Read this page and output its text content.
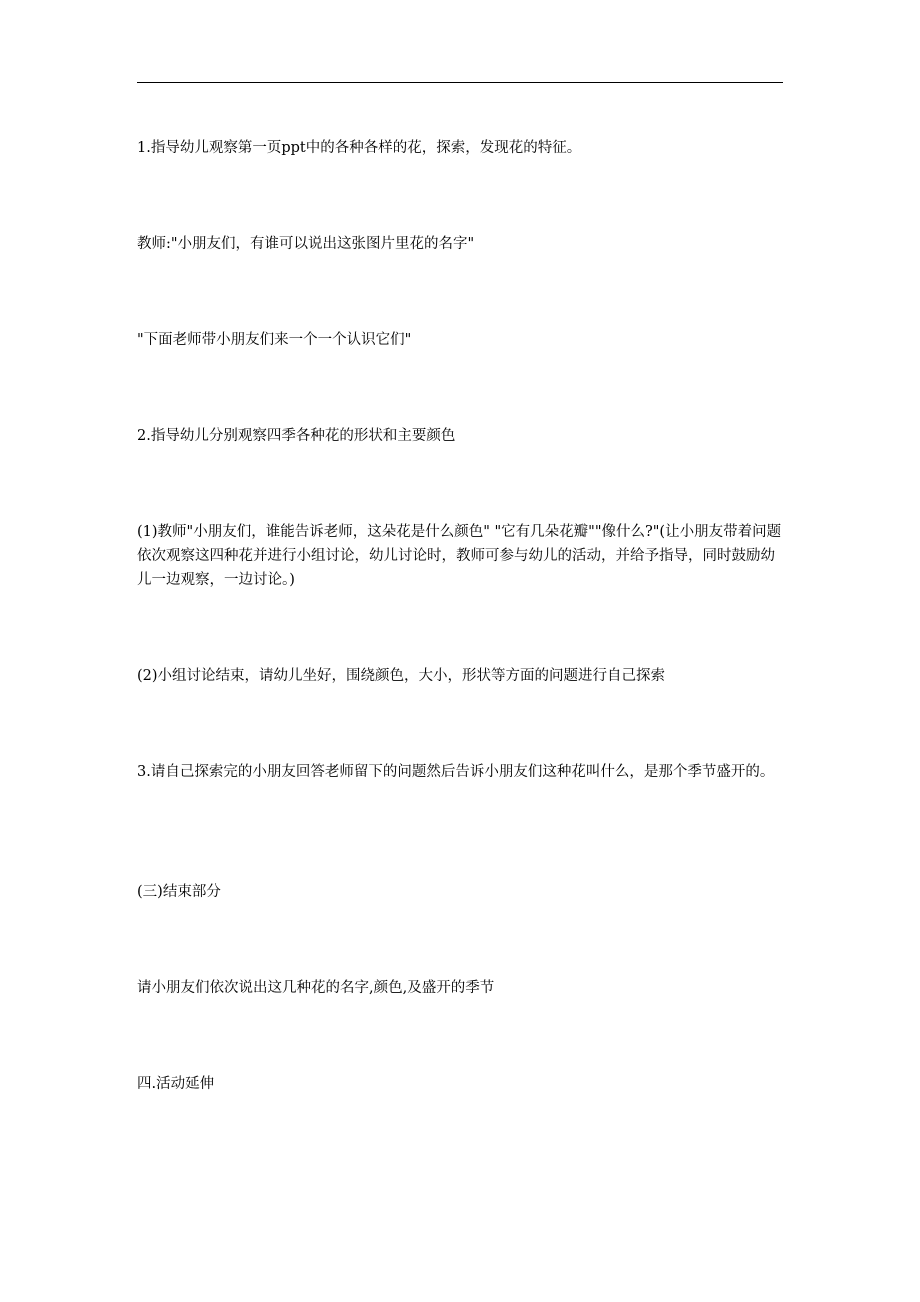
1.指导幼儿观察第一页ppt中的各种各样的花，探索，发现花的特征。

教师:"小朋友们，有谁可以说出这张图片里花的名字"

"下面老师带小朋友们来一个一个认识它们"

2.指导幼儿分别观察四季各种花的形状和主要颜色

(1)教师"小朋友们，谁能告诉老师，这朵花是什么颜色" "它有几朵花瓣""像什么?"(让小朋友带着问题依次观察这四种花并进行小组讨论，幼儿讨论时，教师可参与幼儿的活动，并给予指导，同时鼓励幼儿一边观察，一边讨论。)

(2)小组讨论结束，请幼儿坐好，围绕颜色，大小，形状等方面的问题进行自己探索

3.请自己探索完的小朋友回答老师留下的问题然后告诉小朋友们这种花叫什么，是那个季节盛开的。

(三)结束部分

请小朋友们依次说出这几种花的名字,颜色,及盛开的季节

四.活动延伸
